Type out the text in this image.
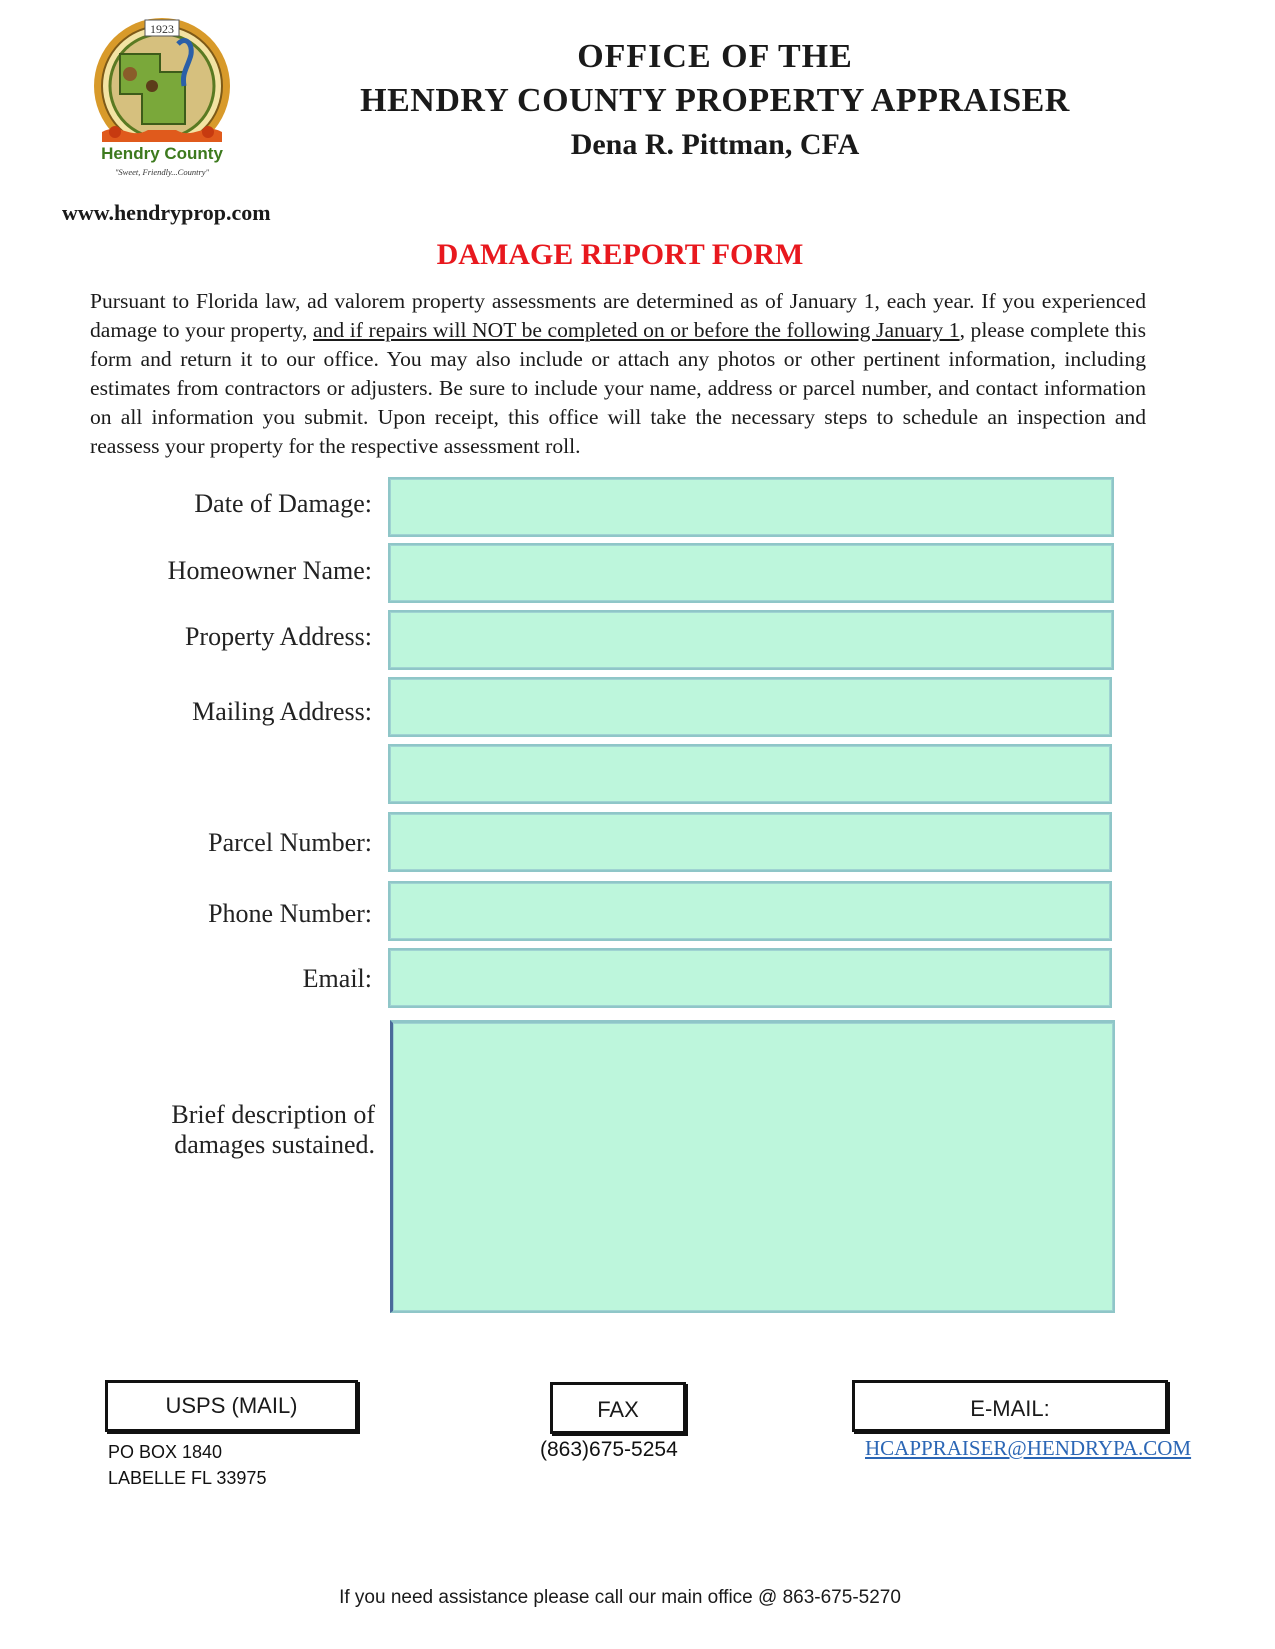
1923
Hendry County
"Sweet, Friendly...Country"
www.hendryprop.com
OFFICE OF THE
HENDRY COUNTY PROPERTY APPRAISER
Dena R. Pittman, CFA
DAMAGE REPORT FORM
Pursuant to Florida law, ad valorem property assessments are determined as of January 1, each year. If you experienced damage to your property, and if repairs will NOT be completed on or before the following January 1, please complete this form and return it to our office. You may also include or attach any photos or other pertinent information, including estimates from contractors or adjusters. Be sure to include your name, address or parcel number, and contact information on all information you submit. Upon receipt, this office will take the necessary steps to schedule an inspection and reassess your property for the respective assessment roll.
Date of Damage:
Homeowner Name:
Property Address:
Mailing Address:
Parcel Number:
Phone Number:
Email:
Brief description of
damages sustained.
USPS (MAIL)
PO BOX 1840
LABELLE FL 33975
FAX
(863)675-5254
E-MAIL:
HCAPPRAISER@HENDRYPA.COM
If you need assistance please call our main office @ 863-675-5270
